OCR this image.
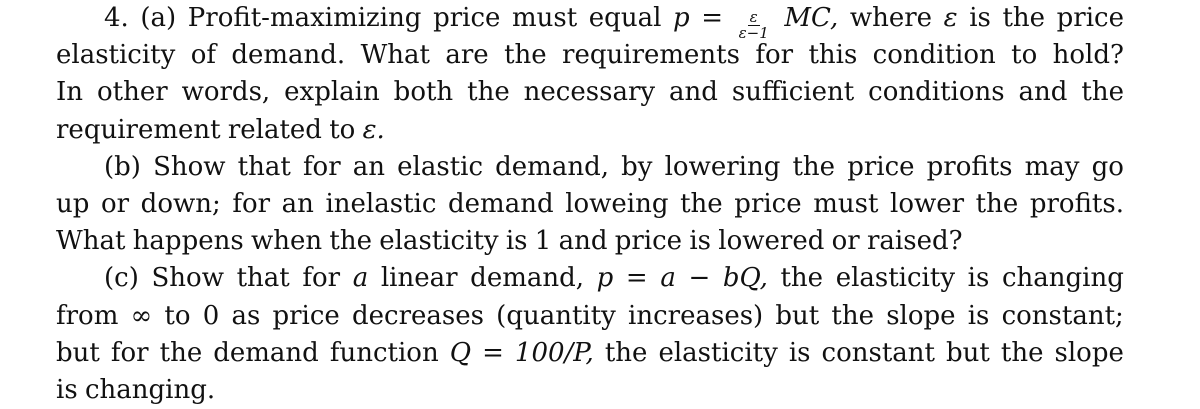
4. (a) Profit-maximizing price must equal $p = \frac{\varepsilon}{\varepsilon-1}$ MC, where ε is the price
elasticity of demand. What are the requirements for this condition to hold?
In other words, explain both the necessary and sufficient conditions and the
requirement related to ε.
(b) Show that for an elastic demand, by lowering the price profits may go
up or down; for an inelastic demand loweing the price must lower the profits.
What happens when the elasticity is 1 and price is lowered or raised?
(c) Show that for a linear demand, p = a − bQ, the elasticity is changing
from ∞ to 0 as price decreases (quantity increases) but the slope is constant;
but for the demand function Q = 100/P, the elasticity is constant but the slope
is changing.
